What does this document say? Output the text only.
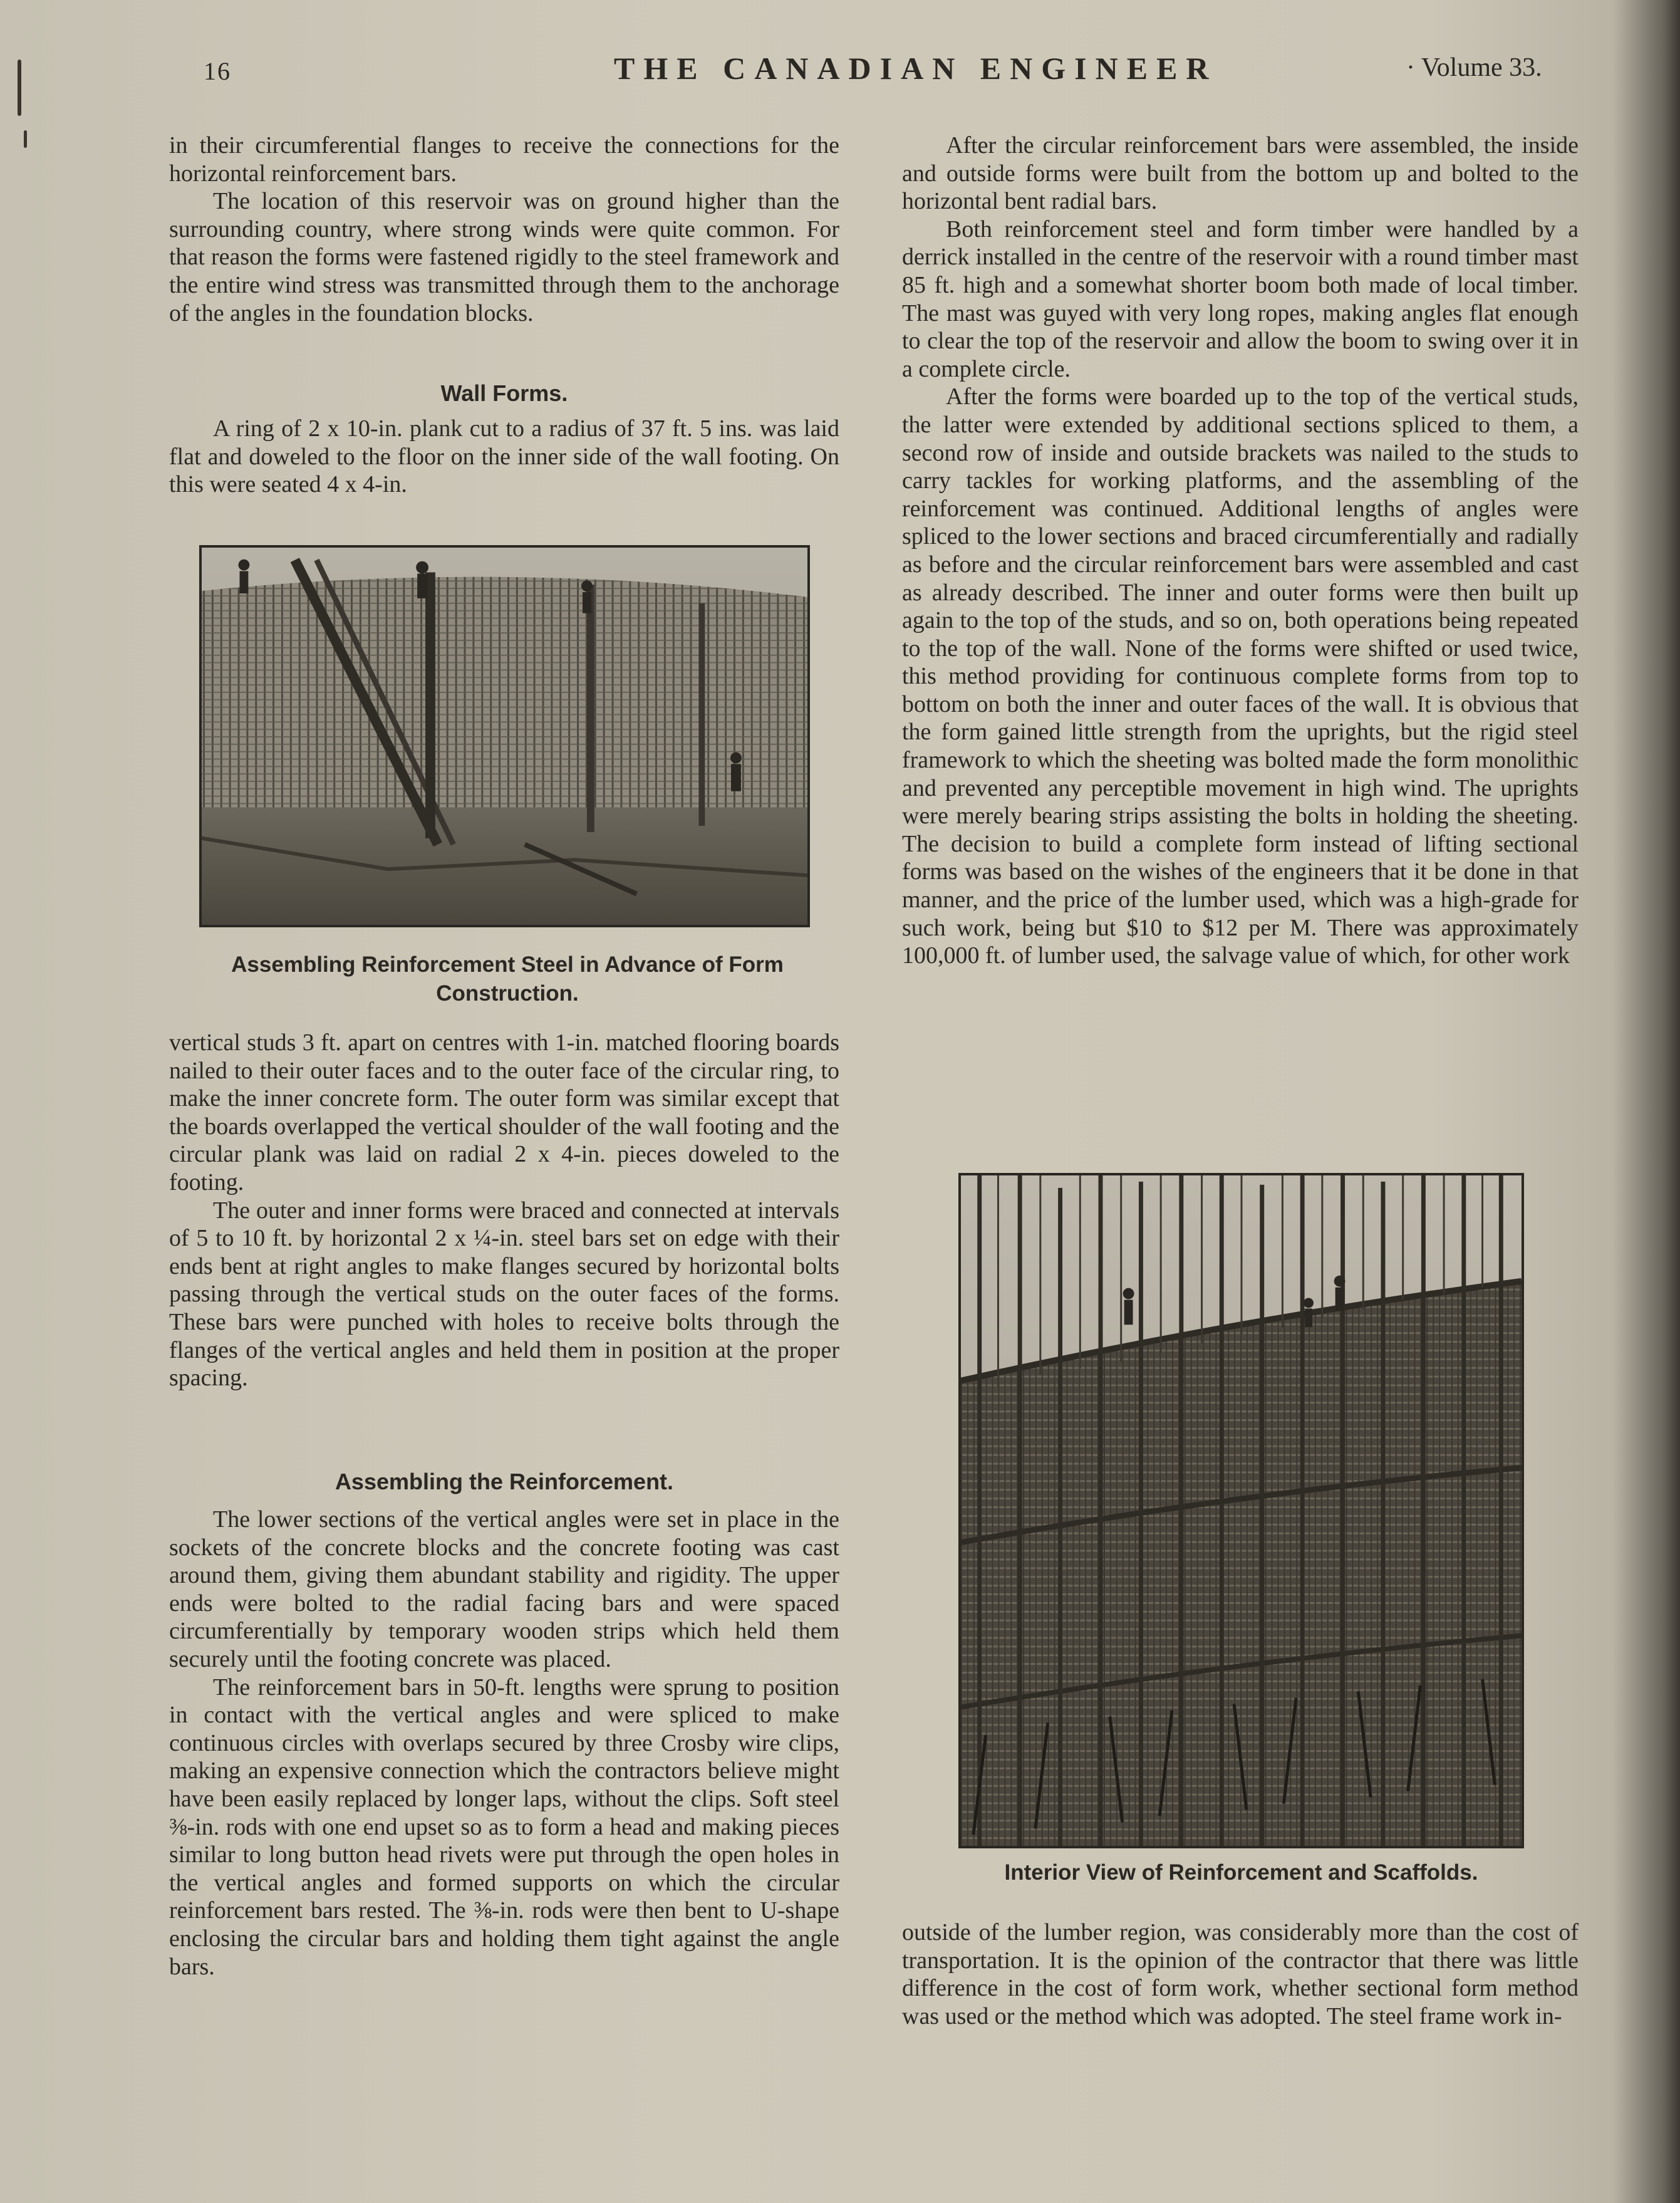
16	THE CANADIAN ENGINEER	· Volume 33.

in their circumferential flanges to receive the connections for the horizontal reinforcement bars.

The location of this reservoir was on ground higher than the surrounding country, where strong winds were quite common. For that reason the forms were fastened rigidly to the steel framework and the entire wind stress was transmitted through them to the anchorage of the angles in the foundation blocks.

Wall Forms.

A ring of 2 x 10-in. plank cut to a radius of 37 ft. 5 ins. was laid flat and doweled to the floor on the inner side of the wall footing. On this were seated 4 x 4-in.

Assembling Reinforcement Steel in Advance of Form Construction.

vertical studs 3 ft. apart on centres with 1-in. matched flooring boards nailed to their outer faces and to the outer face of the circular ring, to make the inner concrete form. The outer form was similar except that the boards overlapped the vertical shoulder of the wall footing and the circular plank was laid on radial 2 x 4-in. pieces doweled to the footing.

The outer and inner forms were braced and connected at intervals of 5 to 10 ft. by horizontal 2 x ¼-in. steel bars set on edge with their ends bent at right angles to make flanges secured by horizontal bolts passing through the vertical studs on the outer faces of the forms. These bars were punched with holes to receive bolts through the flanges of the vertical angles and held them in position at the proper spacing.

Assembling the Reinforcement.

The lower sections of the vertical angles were set in place in the sockets of the concrete blocks and the concrete footing was cast around them, giving them abundant stability and rigidity. The upper ends were bolted to the radial facing bars and were spaced circumferentially by temporary wooden strips which held them securely until the footing concrete was placed.

The reinforcement bars in 50-ft. lengths were sprung to position in contact with the vertical angles and were spliced to make continuous circles with overlaps secured by three Crosby wire clips, making an expensive connection which the contractors believe might have been easily replaced by longer laps, without the clips. Soft steel ⅜-in. rods with one end upset so as to form a head and making pieces similar to long button head rivets were put through the open holes in the vertical angles and formed supports on which the circular reinforcement bars rested. The ⅜-in. rods were then bent to U-shape enclosing the circular bars and holding them tight against the angle bars.

After the circular reinforcement bars were assembled, the inside and outside forms were built from the bottom up and bolted to the horizontal bent radial bars.

Both reinforcement steel and form timber were handled by a derrick installed in the centre of the reservoir with a round timber mast 85 ft. high and a somewhat shorter boom both made of local timber. The mast was guyed with very long ropes, making angles flat enough to clear the top of the reservoir and allow the boom to swing over it in a complete circle.

After the forms were boarded up to the top of the vertical studs, the latter were extended by additional sections spliced to them, a second row of inside and outside brackets was nailed to the studs to carry tackles for working platforms, and the assembling of the reinforcement was continued. Additional lengths of angles were spliced to the lower sections and braced circumferentially and radially as before and the circular reinforcement bars were assembled and cast as already described. The inner and outer forms were then built up again to the top of the studs, and so on, both operations being repeated to the top of the wall. None of the forms were shifted or used twice, this method providing for continuous complete forms from top to bottom on both the inner and outer faces of the wall. It is obvious that the form gained little strength from the uprights, but the rigid steel framework to which the sheeting was bolted made the form monolithic and prevented any perceptible movement in high wind. The uprights were merely bearing strips assisting the bolts in holding the sheeting. The decision to build a complete form instead of lifting sectional forms was based on the wishes of the engineers that it be done in that manner, and the price of the lumber used, which was a high-grade for such work, being but $10 to $12 per M. There was approximately 100,000 ft. of lumber used, the salvage value of which, for other work

Interior View of Reinforcement and Scaffolds.

outside of the lumber region, was considerably more than the cost of transportation. It is the opinion of the contractor that there was little difference in the cost of form work, whether sectional form method was used or the method which was adopted. The steel frame work in-
